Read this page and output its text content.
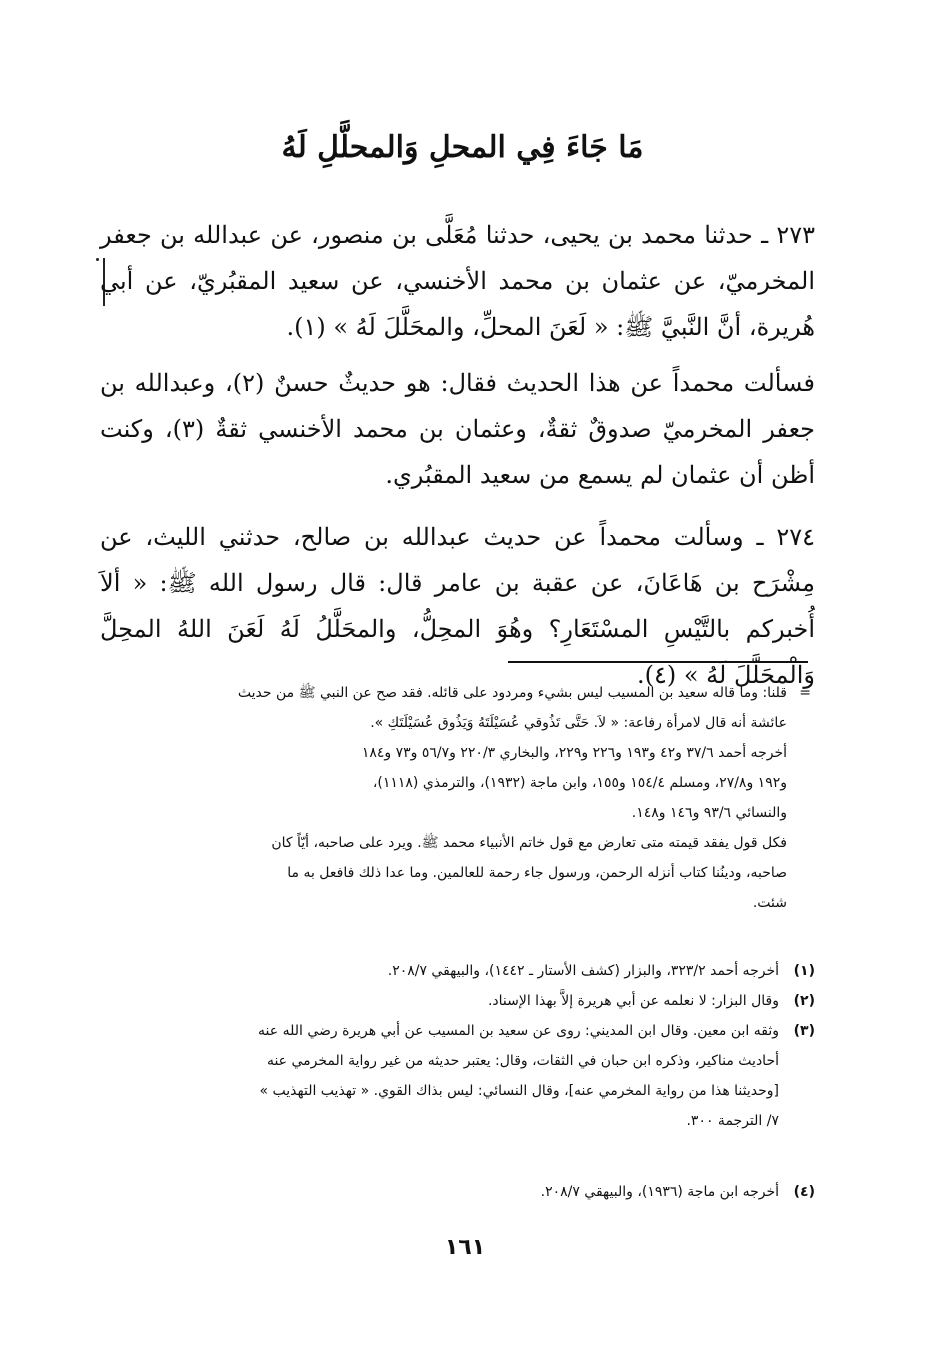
مَا جَاءَ فِي المحلِ وَالمحلَّلِ لَهُ
٢٧٣ ـ حدثنا محمد بن يحيى، حدثنا مُعَلَّى بن منصور، عن عبدالله بن جعفر المخرميّ، عن عثمان بن محمد الأخنسي، عن سعيد المقبُريّ، عن أبي هُريرة، أنَّ النَّبيَّ ﷺ: « لَعَنَ المحلِّ، والمحَلَّلَ لَهُ » (١).
فسألت محمداً عن هذا الحديث فقال: هو حديثٌ حسنٌ (٢)، وعبدالله بن جعفر المخرميّ صدوقٌ ثقةٌ، وعثمان بن محمد الأخنسي ثقةٌ (٣)، وكنت أظن أن عثمان لم يسمع من سعيد المقبُري.
٢٧٤ ـ وسألت محمداً عن حديث عبدالله بن صالح، حدثني الليث، عن مِشْرَح بن هَاعَانَ، عن عقبة بن عامر قال: قال رسول الله ﷺ: « ألاَ أُخبركم بالتَّيْسِ المسْتَعَارِ؟ وهُوَ المحِلُّ، والمحَلَّلُ لَهُ لَعَنَ اللهُ المحِلَّ وَالْمحَلَّلَ لَهُ » (٤).
=
قلنا: وما قاله سعيد بن المسيب ليس بشيء ومردود على قائله. فقد صح عن النبي ﷺ من حديث
عائشة أنه قال لامرأة رفاعة: « لاَ. حَتَّى تَذُوقي عُسَيْلَتَهُ وَيَذُوق عُسَيْلَتَكِ ».
أخرجه أحمد ٣٧/٦ و٤٢ و١٩٣ و٢٢٦ و٢٢٩، والبخاري ٢٢٠/٣ و٥٦/٧ و٧٣ و١٨٤
و١٩٢ و٢٧/٨، ومسلم ١٥٤/٤ و١٥٥، وابن ماجة (١٩٣٢)، والترمذي (١١١٨)،
والنسائي ٩٣/٦ و١٤٦ و١٤٨.
فكل قول يفقد قيمته متى تعارض مع قول خاتم الأنبياء محمد ﷺ. ويرد على صاحبه، أيّاً كان
صاحبه، ودينُنا كتاب أنزله الرحمن، ورسول جاء رحمة للعالمين. وما عدا ذلك فافعل به ما
شئت.
(١)
أخرجه أحمد ٣٢٣/٢، والبزار (كشف الأستار ـ ١٤٤٢)، والبيهقي ٢٠٨/٧.
(٢)
وقال البزار: لا نعلمه عن أبي هريرة إلاَّ بهذا الإسناد.
(٣)
وثقه ابن معين. وقال ابن المديني: روى عن سعيد بن المسيب عن أبي هريرة رضي الله عنه
أحاديث مناكير، وذكره ابن حبان في الثقات، وقال: يعتبر حديثه من غير رواية المخرمي عنه
[وحديثنا هذا من رواية المخرمي عنه]، وقال النسائي: ليس بذاك القوي. « تهذيب التهذيب »
٧/ الترجمة ٣٠٠.
(٤)
أخرجه ابن ماجة (١٩٣٦)، والبيهقي ٢٠٨/٧.
١٦١
